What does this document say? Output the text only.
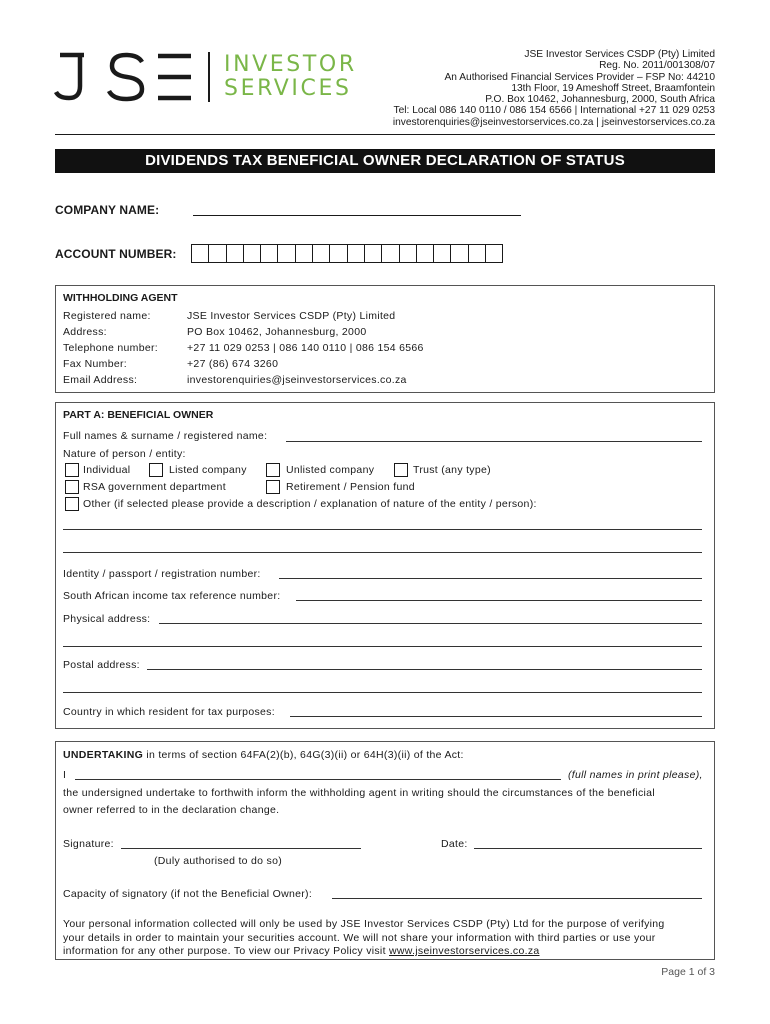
INVESTOR
SERVICES
JSE Investor Services CSDP (Pty) Limited
Reg. No. 2011/001308/07
An Authorised Financial Services Provider – FSP No: 44210
13th Floor, 19 Ameshoff Street, Braamfontein
P.O. Box 10462, Johannesburg, 2000, South Africa
Tel: Local 086 140 0110 / 086 154 6566 | International +27 11 029 0253
investorenquiries@jseinvestorservices.co.za | jseinvestorservices.co.za
DIVIDENDS TAX BENEFICIAL OWNER DECLARATION OF STATUS
COMPANY NAME:
ACCOUNT NUMBER:
WITHHOLDING AGENT
Registered name:	JSE Investor Services CSDP (Pty) Limited
Address:	PO Box 10462, Johannesburg, 2000
Telephone number:	+27 11 029 0253 | 086 140 0110 | 086 154 6566
Fax Number:	+27 (86) 674 3260
Email Address:	investorenquiries@jseinvestorservices.co.za
PART A: BENEFICIAL OWNER
Full names & surname / registered name:
Nature of person / entity:
Individual	Listed company	Unlisted company	Trust (any type)
RSA government department	Retirement / Pension fund
Other (if selected please provide a description / explanation of nature of the entity / person):
Identity / passport / registration number:
South African income tax reference number:
Physical address:
Postal address:
Country in which resident for tax purposes:
UNDERTAKING in terms of section 64FA(2)(b), 64G(3)(ii) or 64H(3)(ii) of the Act:
I	(full names in print please),
the undersigned undertake to forthwith inform the withholding agent in writing should the circumstances of the beneficial
owner referred to in the declaration change.
Signature:	Date:
(Duly authorised to do so)
Capacity of signatory (if not the Beneficial Owner):
Your personal information collected will only be used by JSE Investor Services CSDP (Pty) Ltd for the purpose of verifying
your details in order to maintain your securities account. We will not share your information with third parties or use your
information for any other purpose. To view our Privacy Policy visit www.jseinvestorservices.co.za
Page 1 of 3
